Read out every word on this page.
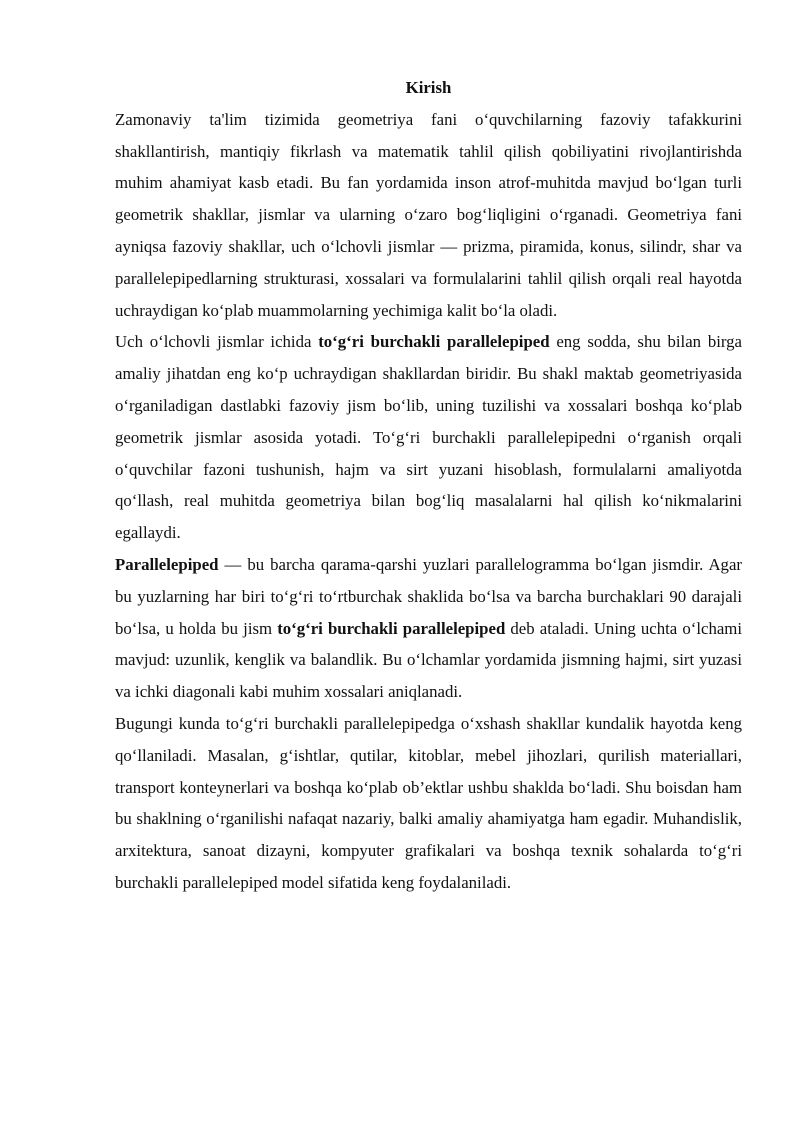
Kirish

Zamonaviy ta'lim tizimida geometriya fani o‘quvchilarning fazoviy tafakkurini shakllantirish, mantiqiy fikrlash va matematik tahlil qilish qobiliyatini rivojlantirishda muhim ahamiyat kasb etadi. Bu fan yordamida inson atrof-muhitda mavjud bo‘lgan turli geometrik shakllar, jismlar va ularning o‘zaro bog‘liqligini o‘rganadi. Geometriya fani ayniqsa fazoviy shakllar, uch o‘lchovli jismlar — prizma, piramida, konus, silindr, shar va parallelepipedlarning strukturasi, xossalari va formulalarini tahlil qilish orqali real hayotda uchraydigan ko‘plab muammolarning yechimiga kalit bo‘la oladi.

Uch o‘lchovli jismlar ichida to‘g‘ri burchakli parallelepiped eng sodda, shu bilan birga amaliy jihatdan eng ko‘p uchraydigan shakllardan biridir. Bu shakl maktab geometriyasida o‘rganiladigan dastlabki fazoviy jism bo‘lib, uning tuzilishi va xossalari boshqa ko‘plab geometrik jismlar asosida yotadi. To‘g‘ri burchakli parallelepipedni o‘rganish orqali o‘quvchilar fazoni tushunish, hajm va sirt yuzani hisoblash, formulalarni amaliyotda qo‘llash, real muhitda geometriya bilan bog‘liq masalalarni hal qilish ko‘nikmalarini egallaydi.

Parallelepiped — bu barcha qarama-qarshi yuzlari parallelogramma bo‘lgan jismdir. Agar bu yuzlarning har biri to‘g‘ri to‘rtburchak shaklida bo‘lsa va barcha burchaklari 90 darajali bo‘lsa, u holda bu jism to‘g‘ri burchakli parallelepiped deb ataladi. Uning uchta o‘lchami mavjud: uzunlik, kenglik va balandlik. Bu o‘lchamlar yordamida jismning hajmi, sirt yuzasi va ichki diagonali kabi muhim xossalari aniqlanadi.

Bugungi kunda to‘g‘ri burchakli parallelepipedga o‘xshash shakllar kundalik hayotda keng qo‘llaniladi. Masalan, g‘ishtlar, qutilar, kitoblar, mebel jihozlari, qurilish materiallari, transport konteynerlari va boshqa ko‘plab ob’ektlar ushbu shaklda bo‘ladi. Shu boisdan ham bu shaklning o‘rganilishi nafaqat nazariy, balki amaliy ahamiyatga ham egadir. Muhandislik, arxitektura, sanoat dizayni, kompyuter grafikalari va boshqa texnik sohalarda to‘g‘ri burchakli parallelepiped model sifatida keng foydalaniladi.
